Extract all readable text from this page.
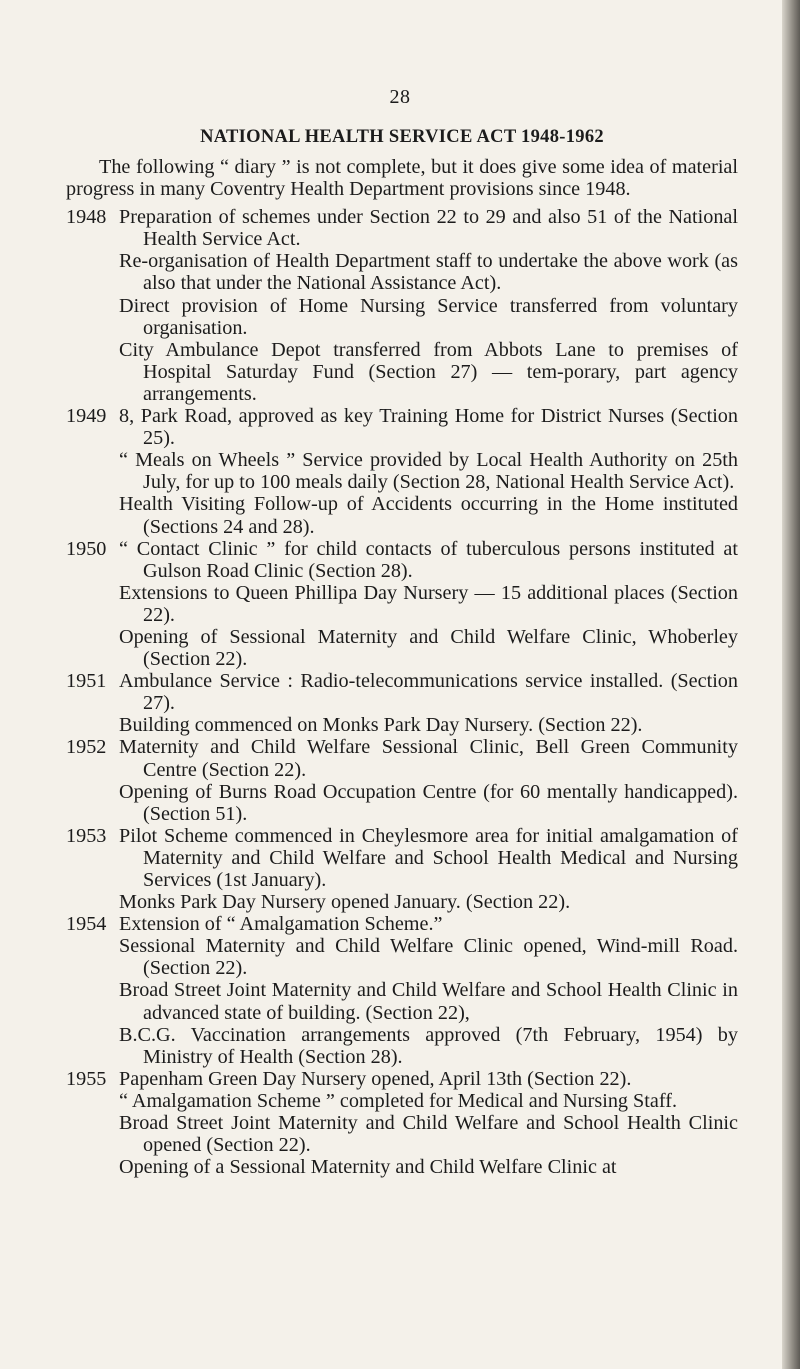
28
NATIONAL HEALTH SERVICE ACT 1948-1962

The following “ diary ” is not complete, but it does give some idea of material progress in many Coventry Health Department provisions since 1948.

1948 Preparation of schemes under Section 22 to 29 and also 51 of the National Health Service Act.

Re-organisation of Health Department staff to undertake the above work (as also that under the National Assistance Act).

Direct provision of Home Nursing Service transferred from voluntary organisation.

City Ambulance Depot transferred from Abbots Lane to premises of Hospital Saturday Fund (Section 27) — tem-porary, part agency arrangements.

1949 8, Park Road, approved as key Training Home for District Nurses (Section 25).

“ Meals on Wheels ” Service provided by Local Health Authority on 25th July, for up to 100 meals daily (Section 28, National Health Service Act).

Health Visiting Follow-up of Accidents occurring in the Home instituted (Sections 24 and 28).

1950 “ Contact Clinic ” for child contacts of tuberculous persons instituted at Gulson Road Clinic (Section 28).

Extensions to Queen Phillipa Day Nursery — 15 additional places (Section 22).

Opening of Sessional Maternity and Child Welfare Clinic, Whoberley (Section 22).

1951 Ambulance Service : Radio-telecommunications service installed. (Section 27).

Building commenced on Monks Park Day Nursery. (Section 22).

1952 Maternity and Child Welfare Sessional Clinic, Bell Green Community Centre (Section 22).

Opening of Burns Road Occupation Centre (for 60 mentally handicapped). (Section 51).

1953 Pilot Scheme commenced in Cheylesmore area for initial amalgamation of Maternity and Child Welfare and School Health Medical and Nursing Services (1st January).

Monks Park Day Nursery opened January. (Section 22).

1954 Extension of “ Amalgamation Scheme.”

Sessional Maternity and Child Welfare Clinic opened, Wind-mill Road. (Section 22).

Broad Street Joint Maternity and Child Welfare and School Health Clinic in advanced state of building. (Section 22),

B.C.G. Vaccination arrangements approved (7th February, 1954) by Ministry of Health (Section 28).

1955 Papenham Green Day Nursery opened, April 13th (Section 22).

“ Amalgamation Scheme ” completed for Medical and Nursing Staff.

Broad Street Joint Maternity and Child Welfare and School Health Clinic opened (Section 22).

Opening of a Sessional Maternity and Child Welfare Clinic at
